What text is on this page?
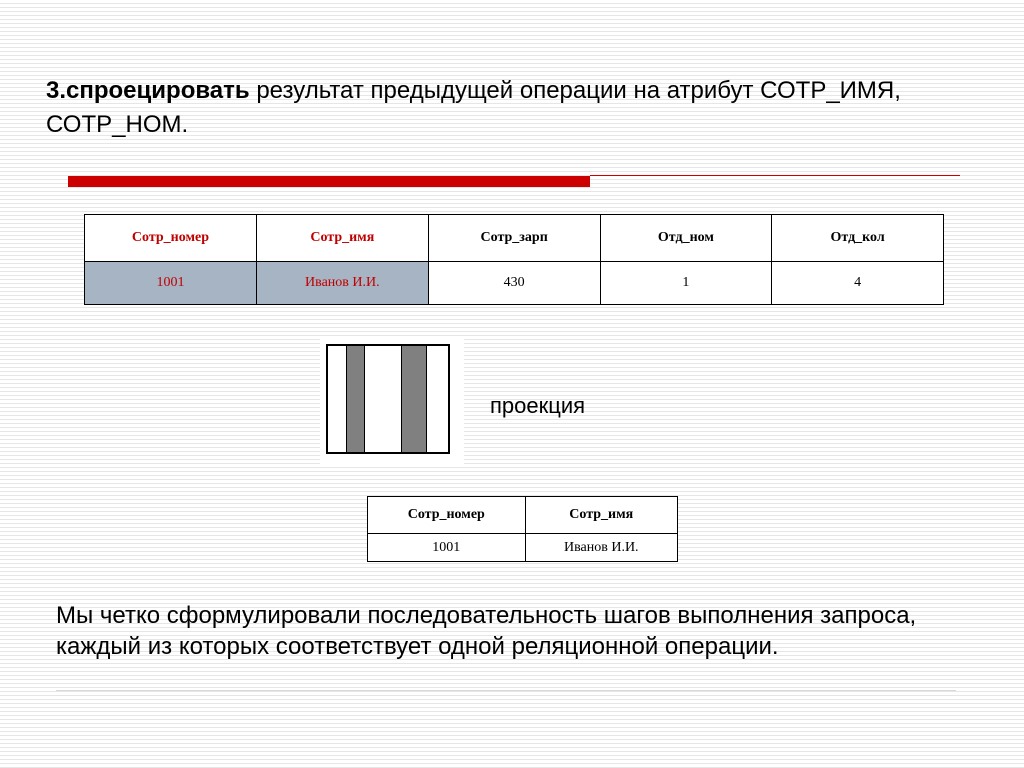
3.спроецировать результат предыдущей операции на атрибут СОТР_ИМЯ, СОТР_НОМ.
Сотр_номер	Сотр_имя	Сотр_зарп	Отд_ном	Отд_кол
1001	Иванов И.И.	430	1	4
проекция
Сотр_номер	Сотр_имя
1001	Иванов И.И.
Мы четко сформулировали последовательность шагов выполнения запроса, каждый из которых соответствует одной реляционной операции.
